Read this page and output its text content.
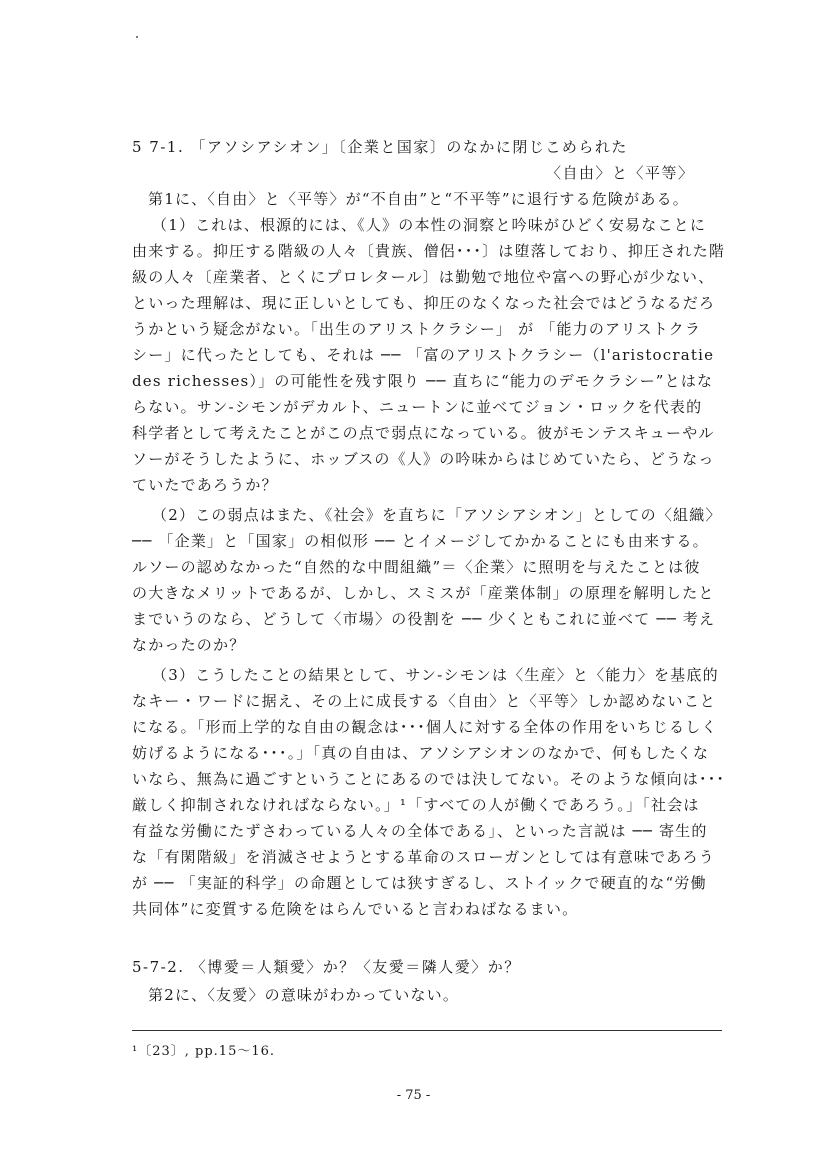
5 7-1. 「アソシアシオン」〔企業と国家〕のなかに閉じこめられた
〈自由〉と〈平等〉
第1に、〈自由〉と〈平等〉が“不自由”と“不平等”に退行する危険がある。
（1）これは、根源的には、《人》の本性の洞察と吟味がひどく安易なことに
由来する。抑圧する階級の人々〔貴族、僧侶･･･〕は堕落しており、抑圧された階
級の人々〔産業者、とくにプロレタール〕は勤勉で地位や富への野心が少ない、
といった理解は、現に正しいとしても、抑圧のなくなった社会ではどうなるだろ
うかという疑念がない。「出生のアリストクラシー」 が 「能力のアリストクラ
シー」に代ったとしても、それは ── 「富のアリストクラシー（l'aristocratie
des richesses）」の可能性を残す限り ── 直ちに“能力のデモクラシー”とはな
らない。サン-シモンがデカルト、ニュートンに並べてジョン・ロックを代表的
科学者として考えたことがこの点で弱点になっている。彼がモンテスキューやル
ソーがそうしたように、ホッブスの《人》の吟味からはじめていたら、どうなっ
ていたであろうか？
（2）この弱点はまた、《社会》を直ちに「アソシアシオン」としての〈組織〉
── 「企業」と「国家」の相似形 ── とイメージしてかかることにも由来する。
ルソーの認めなかった“自然的な中間組織”＝〈企業〉に照明を与えたことは彼
の大きなメリットであるが、しかし、スミスが「産業体制」の原理を解明したと
までいうのなら、どうして〈市場〉の役割を ── 少くともこれに並べて ── 考え
なかったのか？
（3）こうしたことの結果として、サン-シモンは〈生産〉と〈能力〉を基底的
なキー・ワードに据え、その上に成長する〈自由〉と〈平等〉しか認めないこと
になる。「形而上学的な自由の観念は･･･個人に対する全体の作用をいちじるしく
妨げるようになる･･･。」「真の自由は、アソシアシオンのなかで、何もしたくな
いなら、無為に過ごすということにあるのでは決してない。そのような傾向は･･･
厳しく抑制されなければならない。」¹「すべての人が働くであろう。」「社会は
有益な労働にたずさわっている人々の全体である」、といった言説は ── 寄生的
な「有閑階級」を消滅させようとする革命のスローガンとしては有意味であろう
が ── 「実証的科学」の命題としては狭すぎるし、ストイックで硬直的な“労働
共同体”に変質する危険をはらんでいると言わねばなるまい。
5-7-2. 〈博愛＝人類愛〉か？〈友愛＝隣人愛〉か？
第2に、〈友愛〉の意味がわかっていない。
¹〔23〕, pp.15～16.
- 75 -
